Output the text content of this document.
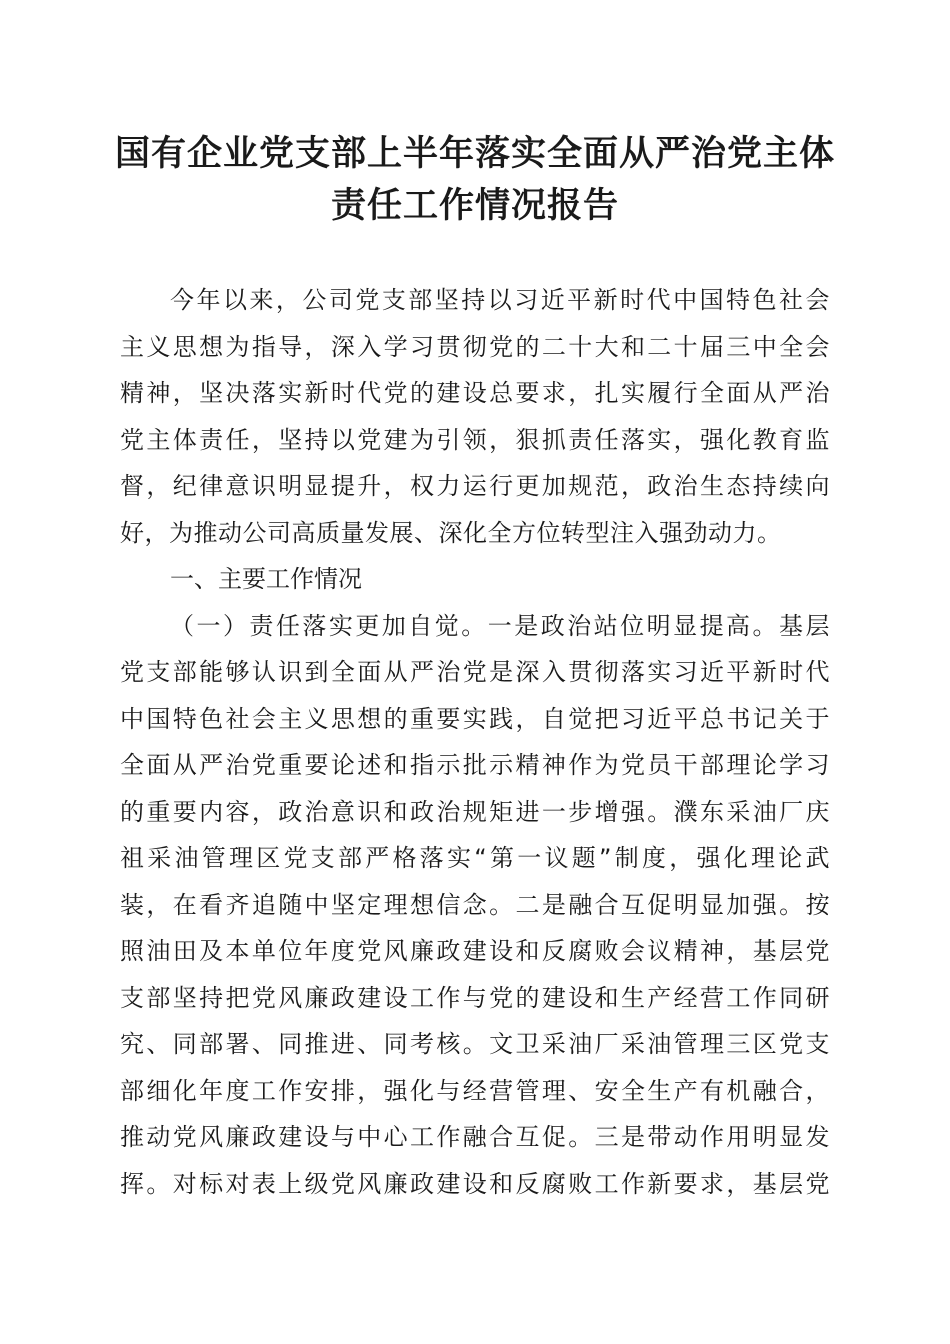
国有企业党支部上半年落实全面从严治党主体
责任工作情况报告

今年以来，公司党支部坚持以习近平新时代中国特色社会
主义思想为指导，深入学习贯彻党的二十大和二十届三中全会
精神，坚决落实新时代党的建设总要求，扎实履行全面从严治
党主体责任，坚持以党建为引领，狠抓责任落实，强化教育监
督，纪律意识明显提升，权力运行更加规范，政治生态持续向
好，为推动公司高质量发展、深化全方位转型注入强劲动力。

一、主要工作情况

（一）责任落实更加自觉。一是政治站位明显提高。基层
党支部能够认识到全面从严治党是深入贯彻落实习近平新时代
中国特色社会主义思想的重要实践，自觉把习近平总书记关于
全面从严治党重要论述和指示批示精神作为党员干部理论学习
的重要内容，政治意识和政治规矩进一步增强。濮东采油厂庆
祖采油管理区党支部严格落实“第一议题”制度，强化理论武
装，在看齐追随中坚定理想信念。二是融合互促明显加强。按
照油田及本单位年度党风廉政建设和反腐败会议精神，基层党
支部坚持把党风廉政建设工作与党的建设和生产经营工作同研
究、同部署、同推进、同考核。文卫采油厂采油管理三区党支
部细化年度工作安排，强化与经营管理、安全生产有机融合，
推动党风廉政建设与中心工作融合互促。三是带动作用明显发
挥。对标对表上级党风廉政建设和反腐败工作新要求，基层党
